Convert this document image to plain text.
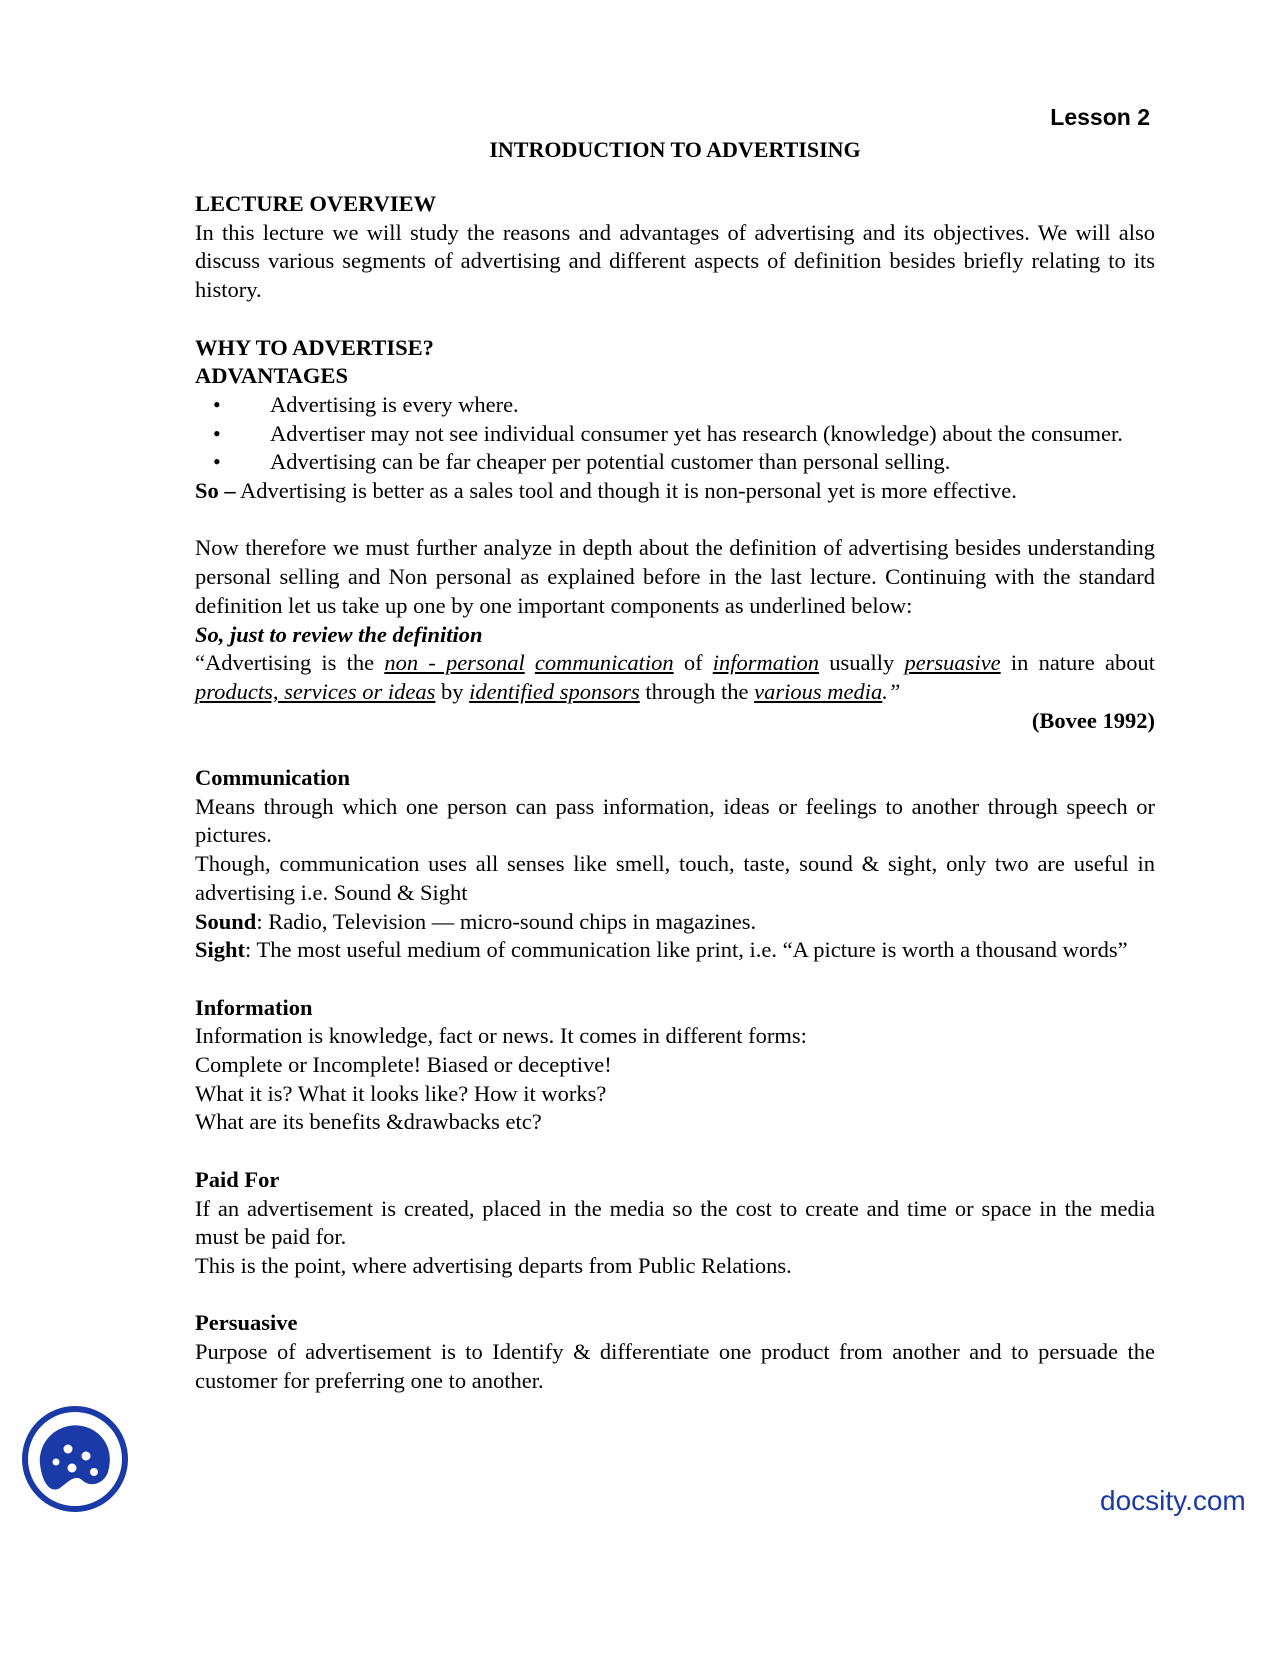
Lesson 2
INTRODUCTION TO ADVERTISING
LECTURE OVERVIEW
In this lecture we will study the reasons and advantages of advertising and its objectives. We will also discuss various segments of advertising and different aspects of definition besides briefly relating to its history.
WHY TO ADVERTISE?
ADVANTAGES
• Advertising is every where.
• Advertiser may not see individual consumer yet has research (knowledge) about the consumer.
• Advertising can be far cheaper per potential customer than personal selling.
So – Advertising is better as a sales tool and though it is non-personal yet is more effective.
Now therefore we must further analyze in depth about the definition of advertising besides understanding personal selling and Non personal as explained before in the last lecture. Continuing with the standard definition let us take up one by one important components as underlined below:
So, just to review the definition
“Advertising is the non - personal communication of information usually persuasive in nature about products, services or ideas by identified sponsors through the various media.”
(Bovee 1992)
Communication
Means through which one person can pass information, ideas or feelings to another through speech or pictures.
Though, communication uses all senses like smell, touch, taste, sound & sight, only two are useful in advertising i.e. Sound & Sight
Sound: Radio, Television — micro-sound chips in magazines.
Sight: The most useful medium of communication like print, i.e. “A picture is worth a thousand words”
Information
Information is knowledge, fact or news. It comes in different forms:
Complete or Incomplete! Biased or deceptive!
What it is? What it looks like? How it works?
What are its benefits &drawbacks etc?
Paid For
If an advertisement is created, placed in the media so the cost to create and time or space in the media must be paid for.
This is the point, where advertising departs from Public Relations.
Persuasive
Purpose of advertisement is to Identify & differentiate one product from another and to persuade the customer for preferring one to another.
docsity.com
